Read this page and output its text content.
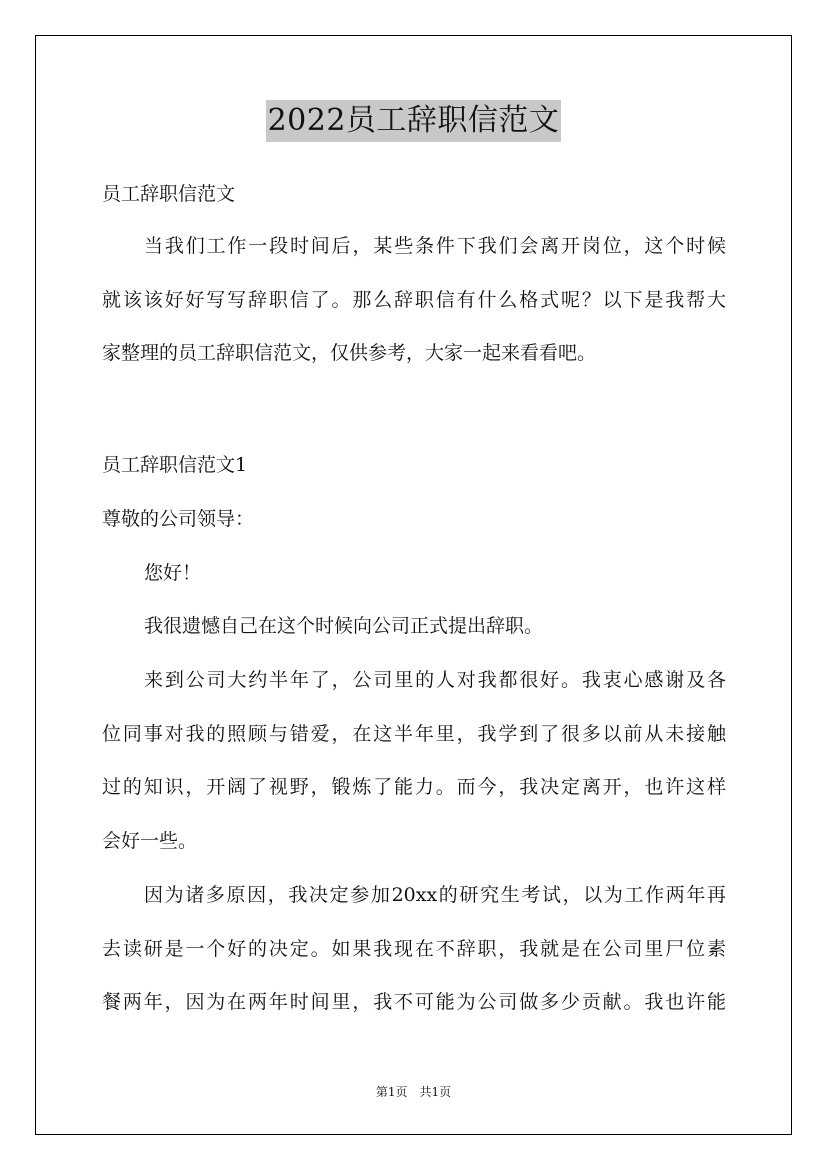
2022员工辞职信范文
员工辞职信范文
当我们工作一段时间后，某些条件下我们会离开岗位，这个时候
就该该好好写写辞职信了。那么辞职信有什么格式呢？以下是我帮大
家整理的员工辞职信范文，仅供参考，大家一起来看看吧。
员工辞职信范文1
尊敬的公司领导：
您好！
我很遗憾自己在这个时候向公司正式提出辞职。
来到公司大约半年了，公司里的人对我都很好。我衷心感谢及各
位同事对我的照顾与错爱，在这半年里，我学到了很多以前从未接触
过的知识，开阔了视野，锻炼了能力。而今，我决定离开，也许这样
会好一些。
因为诸多原因，我决定参加20xx的研究生考试，以为工作两年再
去读研是一个好的决定。如果我现在不辞职，我就是在公司里尸位素
餐两年，因为在两年时间里，我不可能为公司做多少贡献。我也许能
第1页　共1页
